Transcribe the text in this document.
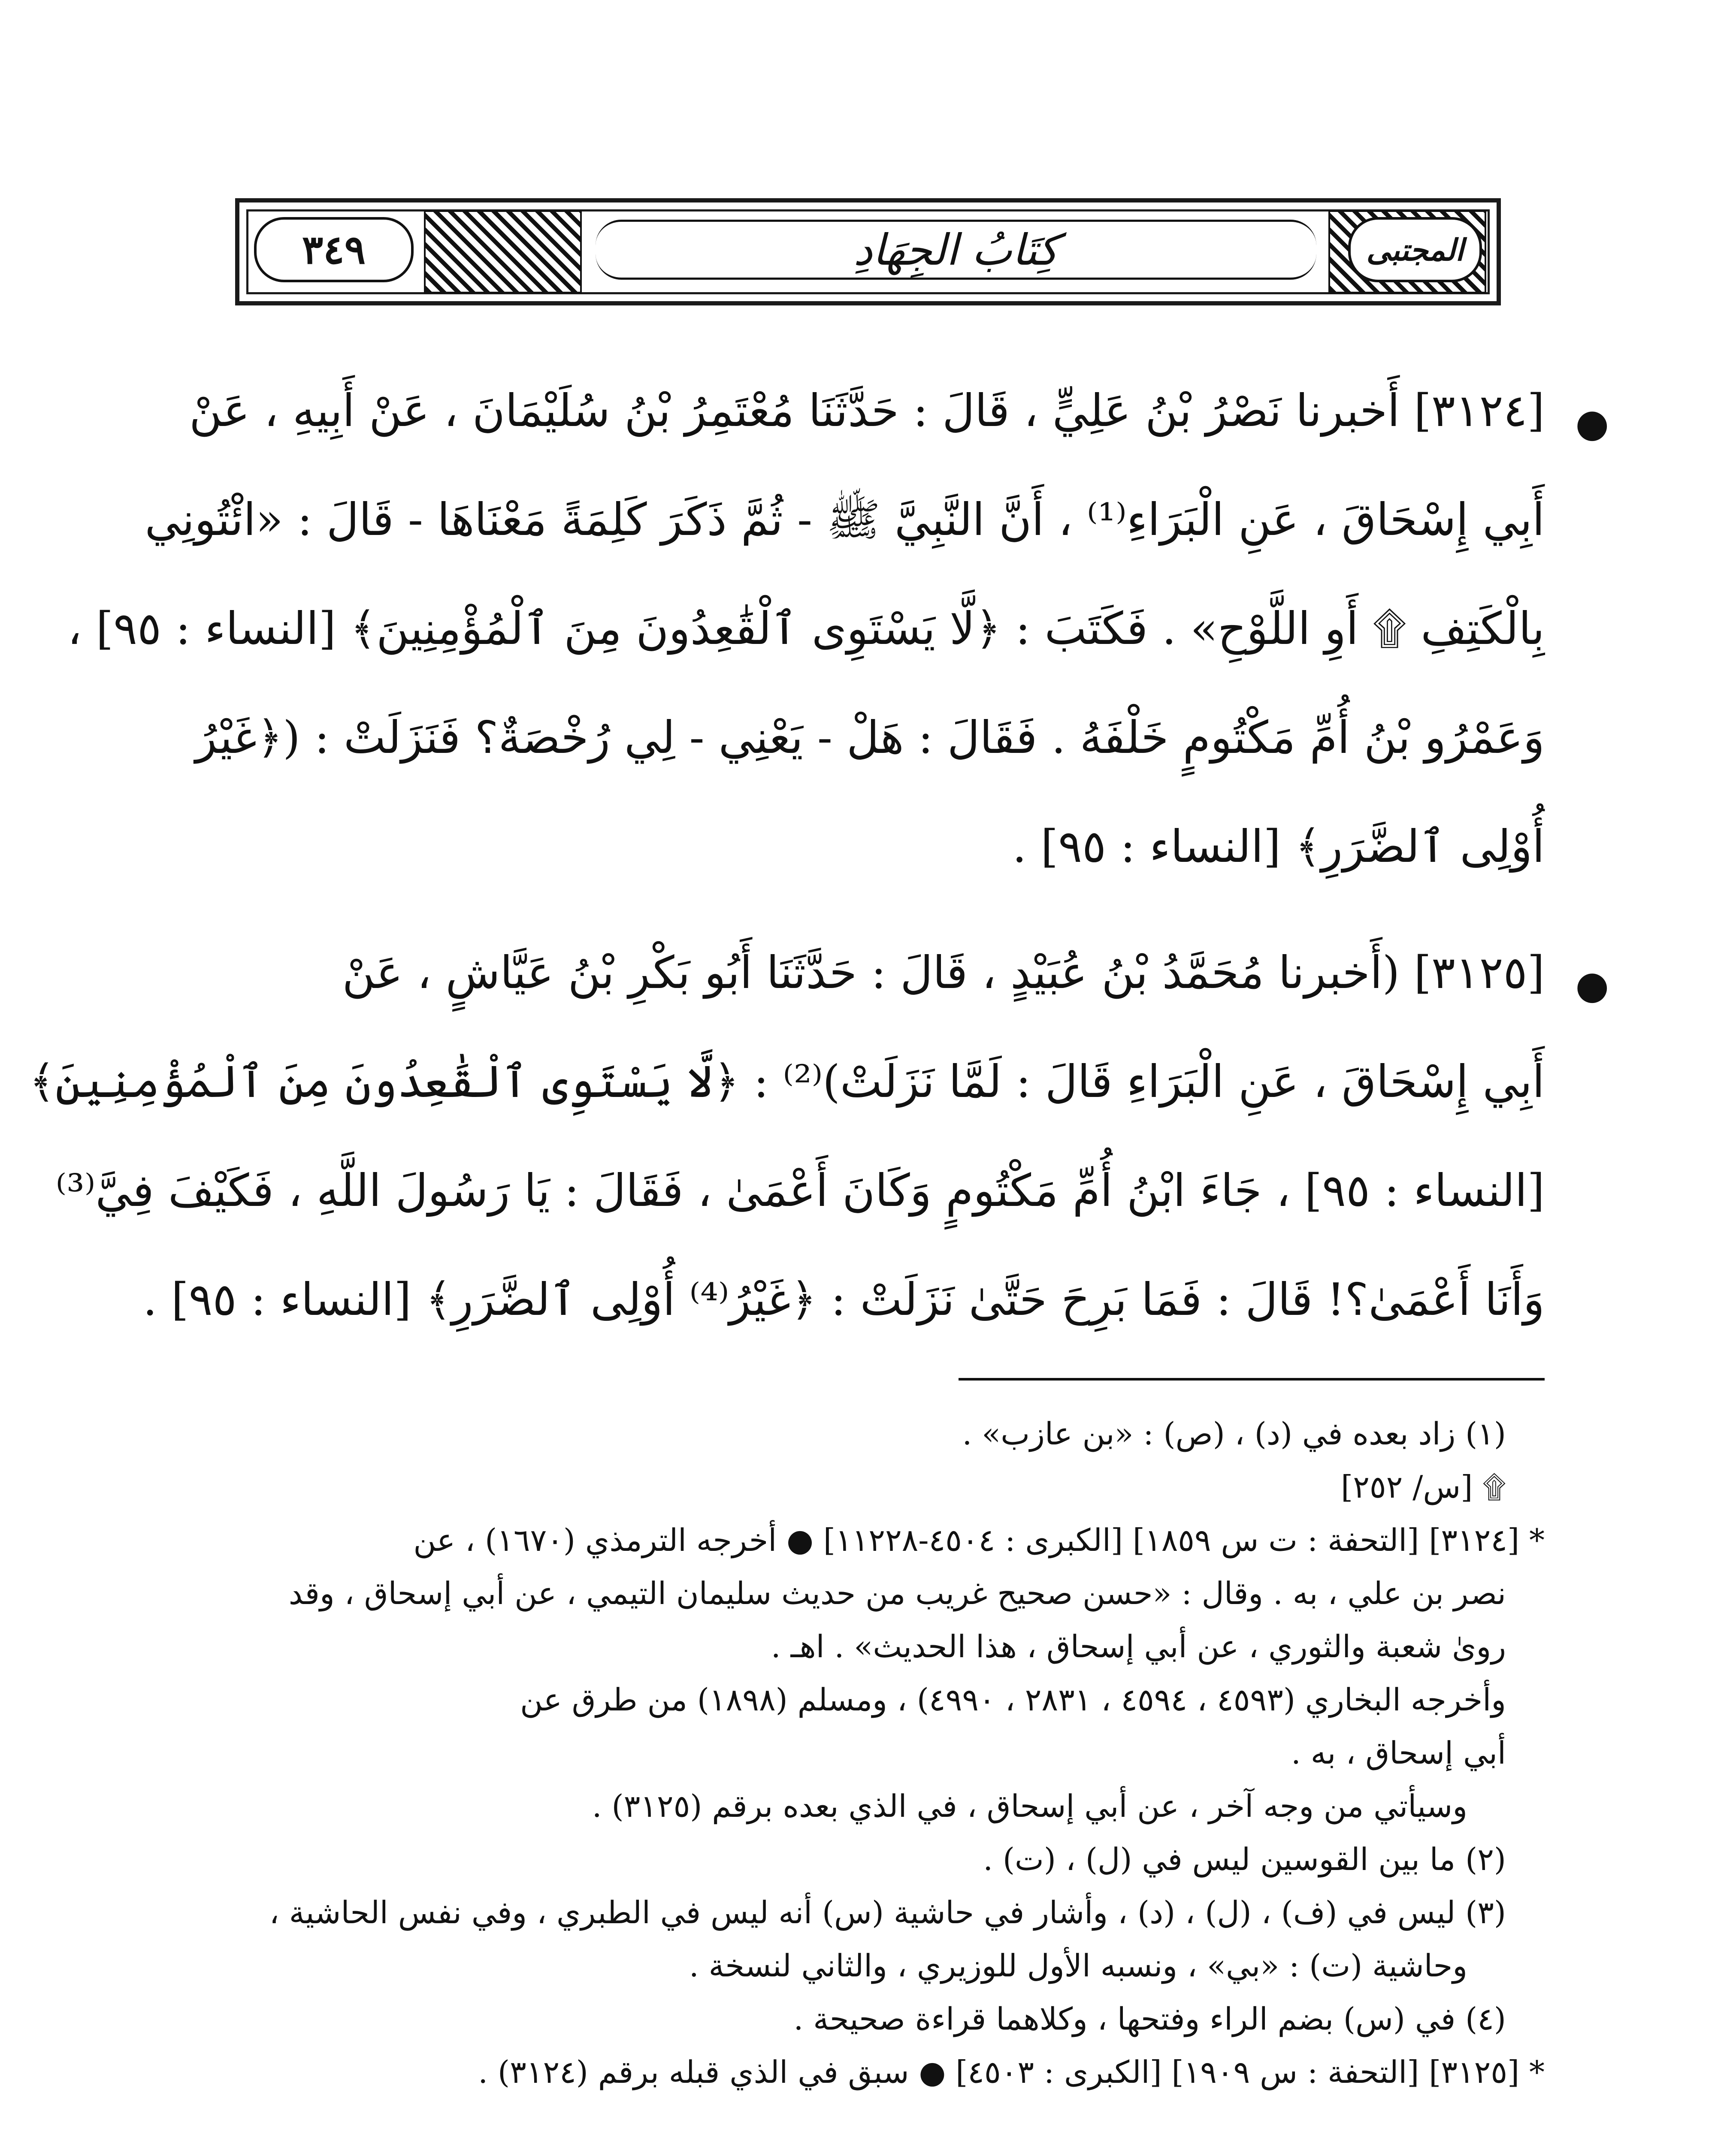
٣٤٩	كِتَابُ الجِهَادِ	المجتبى
●
[٣١٢٤] أَخبرنا نَصْرُ بْنُ عَلِيٍّ ، قَالَ : حَدَّثَنَا مُعْتَمِرُ بْنُ سُلَيْمَانَ ، عَنْ أَبِيهِ ، عَنْ
أَبِي إِسْحَاقَ ، عَنِ الْبَرَاءِ⁽¹⁾ ، أَنَّ النَّبِيَّ ﷺ - ثُمَّ ذَكَرَ كَلِمَةً مَعْنَاهَا - قَالَ : «ائْتُونِي
بِالْكَتِفِ ۩ أَوِ اللَّوْحِ» . فَكَتَبَ : ﴿لَّا يَسْتَوِى ٱلْقَٰعِدُونَ مِنَ ٱلْمُؤْمِنِينَ﴾ [النساء : ٩٥] ،
وَعَمْرُو بْنُ أُمِّ مَكْتُومٍ خَلْفَهُ . فَقَالَ : هَلْ - يَعْنِي - لِي رُخْصَةٌ؟ فَنَزَلَتْ : (﴿غَيْرُ
أُوْلِى ٱلضَّرَرِ﴾ [النساء : ٩٥] .
●
[٣١٢٥] (أَخبرنا مُحَمَّدُ بْنُ عُبَيْدٍ ، قَالَ : حَدَّثَنَا أَبُو بَكْرِ بْنُ عَيَّاشٍ ، عَنْ
أَبِي إِسْحَاقَ ، عَنِ الْبَرَاءِ قَالَ : لَمَّا نَزَلَتْ)⁽²⁾ : ﴿لَّا يَسْتَوِى ٱلْقَٰعِدُونَ مِنَ ٱلْمُؤْمِنِينَ﴾
[النساء : ٩٥] ، جَاءَ ابْنُ أُمِّ مَكْتُومٍ وَكَانَ أَعْمَىٰ ، فَقَالَ : يَا رَسُولَ اللَّهِ ، فَكَيْفَ فِيَّ⁽³⁾
وَأَنَا أَعْمَىٰ؟! قَالَ : فَمَا بَرِحَ حَتَّىٰ نَزَلَتْ : ﴿غَيْرُ⁽⁴⁾ أُوْلِى ٱلضَّرَرِ﴾ [النساء : ٩٥] .
(١) زاد بعده في (د) ، (ص) : «بن عازب» .
۩ [س/ ٢٥٢]
* [٣١٢٤] [التحفة : ت س ١٨٥٩] [الكبرى : ٤٥٠٤-١١٢٢٨] ● أخرجه الترمذي (١٦٧٠) ، عن
نصر بن علي ، به . وقال : «حسن صحيح غريب من حديث سليمان التيمي ، عن أبي إسحاق ، وقد
روىٰ شعبة والثوري ، عن أبي إسحاق ، هذا الحديث» . اهـ .
وأخرجه البخاري (٤٥٩٣ ، ٤٥٩٤ ، ٢٨٣١ ، ٤٩٩٠) ، ومسلم (١٨٩٨) من طرق عن
أبي إسحاق ، به .
وسيأتي من وجه آخر ، عن أبي إسحاق ، في الذي بعده برقم (٣١٢٥) .
(٢) ما بين القوسين ليس في (ل) ، (ت) .
(٣) ليس في (ف) ، (ل) ، (د) ، وأشار في حاشية (س) أنه ليس في الطبري ، وفي نفس الحاشية ،
وحاشية (ت) : «بي» ، ونسبه الأول للوزيري ، والثاني لنسخة .
(٤) في (س) بضم الراء وفتحها ، وكلاهما قراءة صحيحة .
* [٣١٢٥] [التحفة : س ١٩٠٩] [الكبرى : ٤٥٠٣] ● سبق في الذي قبله برقم (٣١٢٤) .
